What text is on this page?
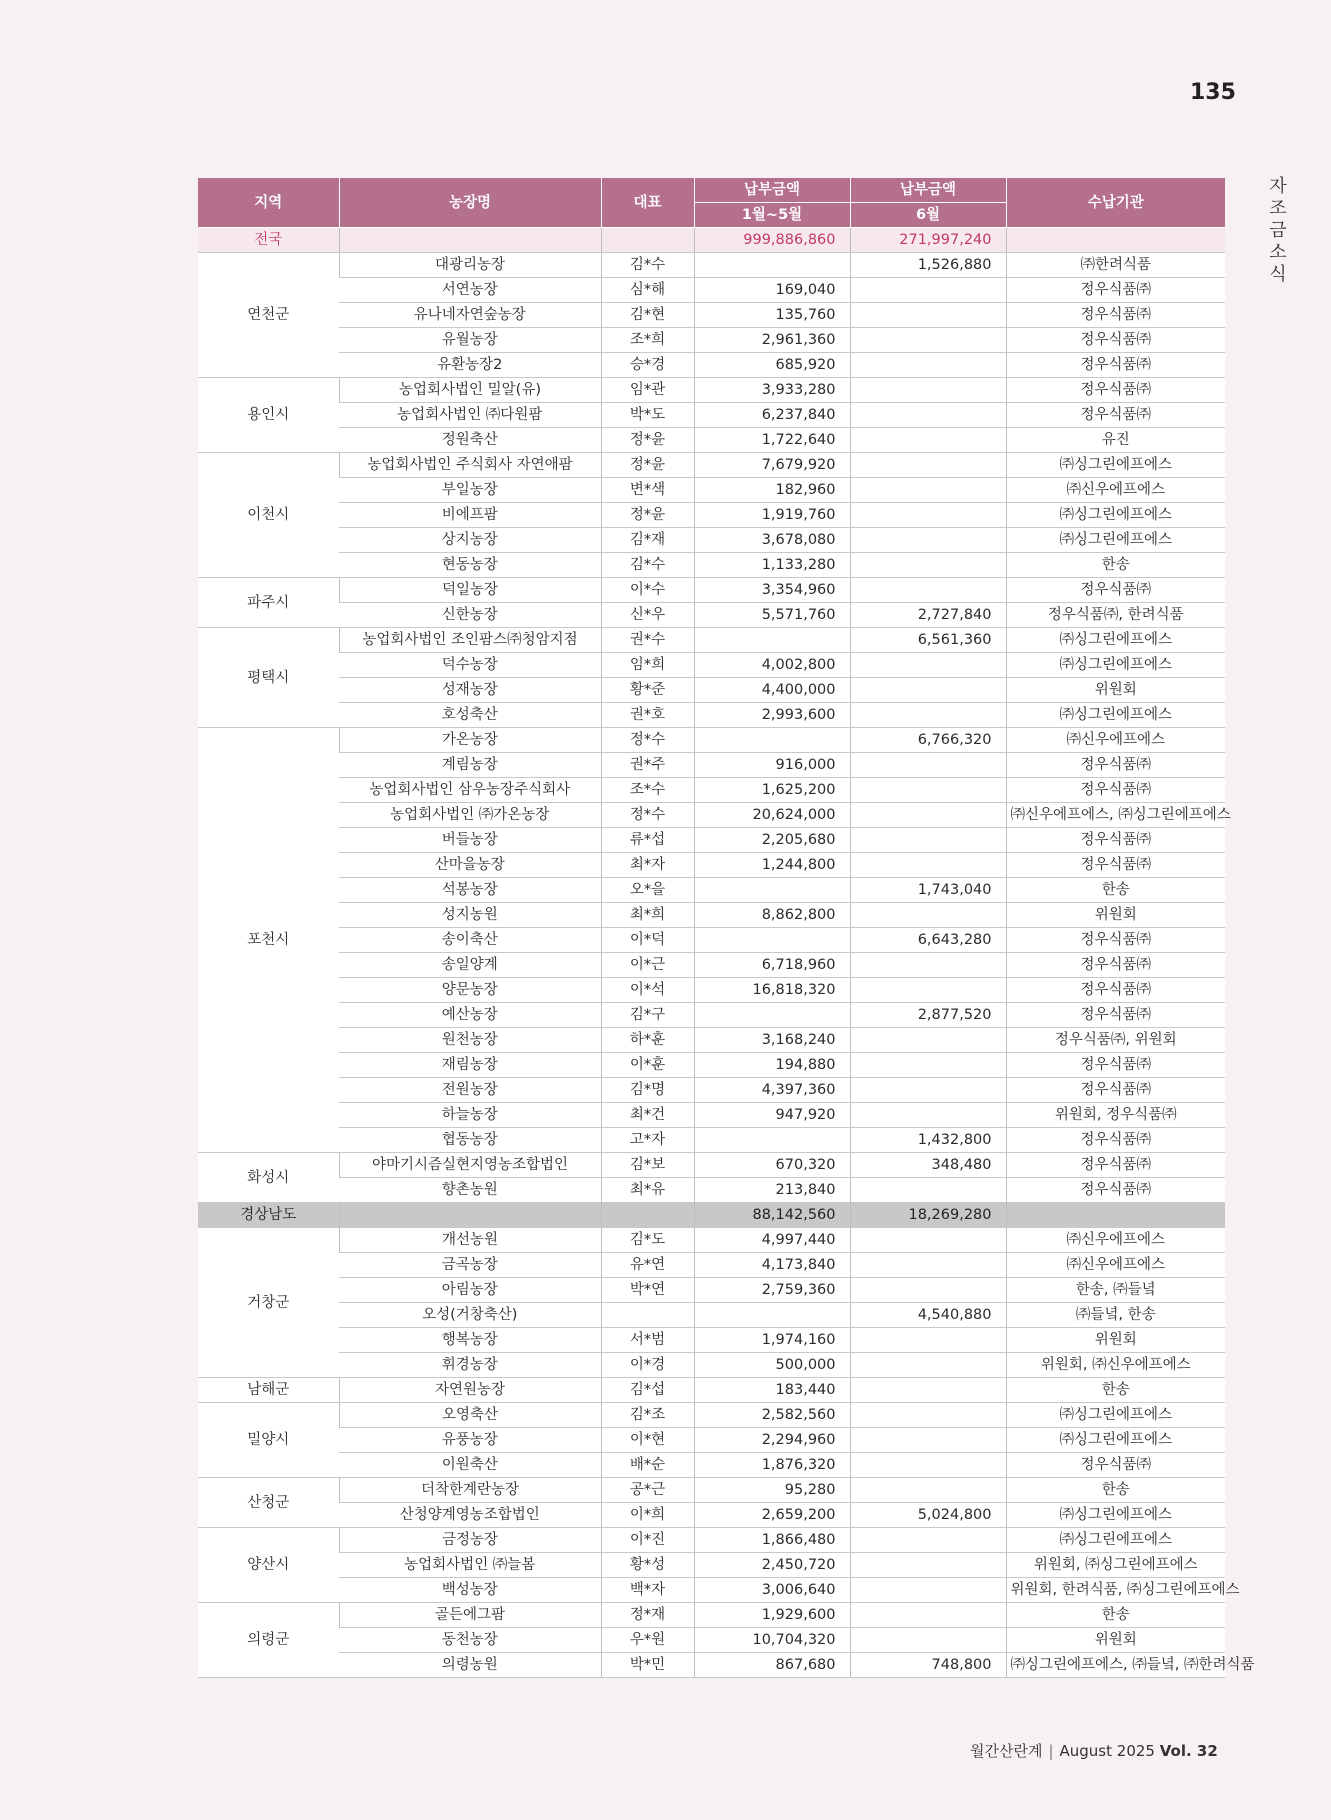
135
자
조
금
소
식
지역	농장명	대표	납부금액	납부금액	수납기관
			1월~5월	6월	
전국			999,886,860	271,997,240	
연천군	대광리농장	김*수		1,526,880	㈜한려식품
	서연농장	심*해	169,040		정우식품㈜
	유나네자연숲농장	김*현	135,760		정우식품㈜
	유월농장	조*희	2,961,360		정우식품㈜
	유환농장2	승*경	685,920		정우식품㈜
용인시	농업회사법인 밀알(유)	임*관	3,933,280		정우식품㈜
	농업회사법인 ㈜다원팜	박*도	6,237,840		정우식품㈜
	정원축산	정*윤	1,722,640		유진
이천시	농업회사법인 주식회사 자연애팜	정*윤	7,679,920		㈜싱그린에프에스
	부일농장	변*색	182,960		㈜신우에프에스
	비에프팜	정*윤	1,919,760		㈜싱그린에프에스
	상지농장	김*재	3,678,080		㈜싱그린에프에스
	현동농장	김*수	1,133,280		한송
파주시	덕일농장	이*수	3,354,960		정우식품㈜
	신한농장	신*우	5,571,760	2,727,840	정우식품㈜, 한려식품
평택시	농업회사법인 조인팜스㈜청암지점	권*수		6,561,360	㈜싱그린에프에스
	덕수농장	임*희	4,002,800		㈜싱그린에프에스
	성재농장	황*준	4,400,000		위원회
	호성축산	권*호	2,993,600		㈜싱그린에프에스
포천시	가온농장	정*수		6,766,320	㈜신우에프에스
	계림농장	권*주	916,000		정우식품㈜
	농업회사법인 삼우농장주식회사	조*수	1,625,200		정우식품㈜
	농업회사법인 ㈜가온농장	정*수	20,624,000		㈜신우에프에스, ㈜싱그린에프에스
	버들농장	류*섭	2,205,680		정우식품㈜
	산마을농장	최*자	1,244,800		정우식품㈜
	석봉농장	오*을		1,743,040	한송
	성지농원	최*희	8,862,800		위원회
	송이축산	이*덕		6,643,280	정우식품㈜
	송일양계	이*근	6,718,960		정우식품㈜
	양문농장	이*석	16,818,320		정우식품㈜
	예산농장	김*구		2,877,520	정우식품㈜
	원천농장	하*훈	3,168,240		정우식품㈜, 위원회
	재림농장	이*훈	194,880		정우식품㈜
	전원농장	김*명	4,397,360		정우식품㈜
	하늘농장	최*건	947,920		위원회, 정우식품㈜
	협동농장	고*자		1,432,800	정우식품㈜
화성시	야마기시즘실현지영농조합법인	김*보	670,320	348,480	정우식품㈜
	향촌농원	최*유	213,840		정우식품㈜
경상남도			88,142,560	18,269,280	
거창군	개선농원	김*도	4,997,440		㈜신우에프에스
	금곡농장	유*연	4,173,840		㈜신우에프에스
	아림농장	박*연	2,759,360		한송, ㈜들녘
	오성(거창축산)			4,540,880	㈜들녘, 한송
	행복농장	서*범	1,974,160		위원회
	휘경농장	이*경	500,000		위원회, ㈜신우에프에스
남해군	자연원농장	김*섭	183,440		한송
밀양시	오영축산	김*조	2,582,560		㈜싱그린에프에스
	유풍농장	이*현	2,294,960		㈜싱그린에프에스
	이원축산	배*순	1,876,320		정우식품㈜
산청군	더착한계란농장	공*근	95,280		한송
	산청양계영농조합법인	이*희	2,659,200	5,024,800	㈜싱그린에프에스
양산시	금정농장	이*진	1,866,480		㈜싱그린에프에스
	농업회사법인 ㈜늘봄	황*성	2,450,720		위원회, ㈜싱그린에프에스
	백성농장	백*자	3,006,640		위원회, 한려식품, ㈜싱그린에프에스
의령군	골든에그팜	정*재	1,929,600		한송
	동천농장	우*원	10,704,320		위원회
	의령농원	박*민	867,680	748,800	㈜싱그린에프에스, ㈜들녘, ㈜한려식품
월간산란계 | August 2025 Vol. 32
